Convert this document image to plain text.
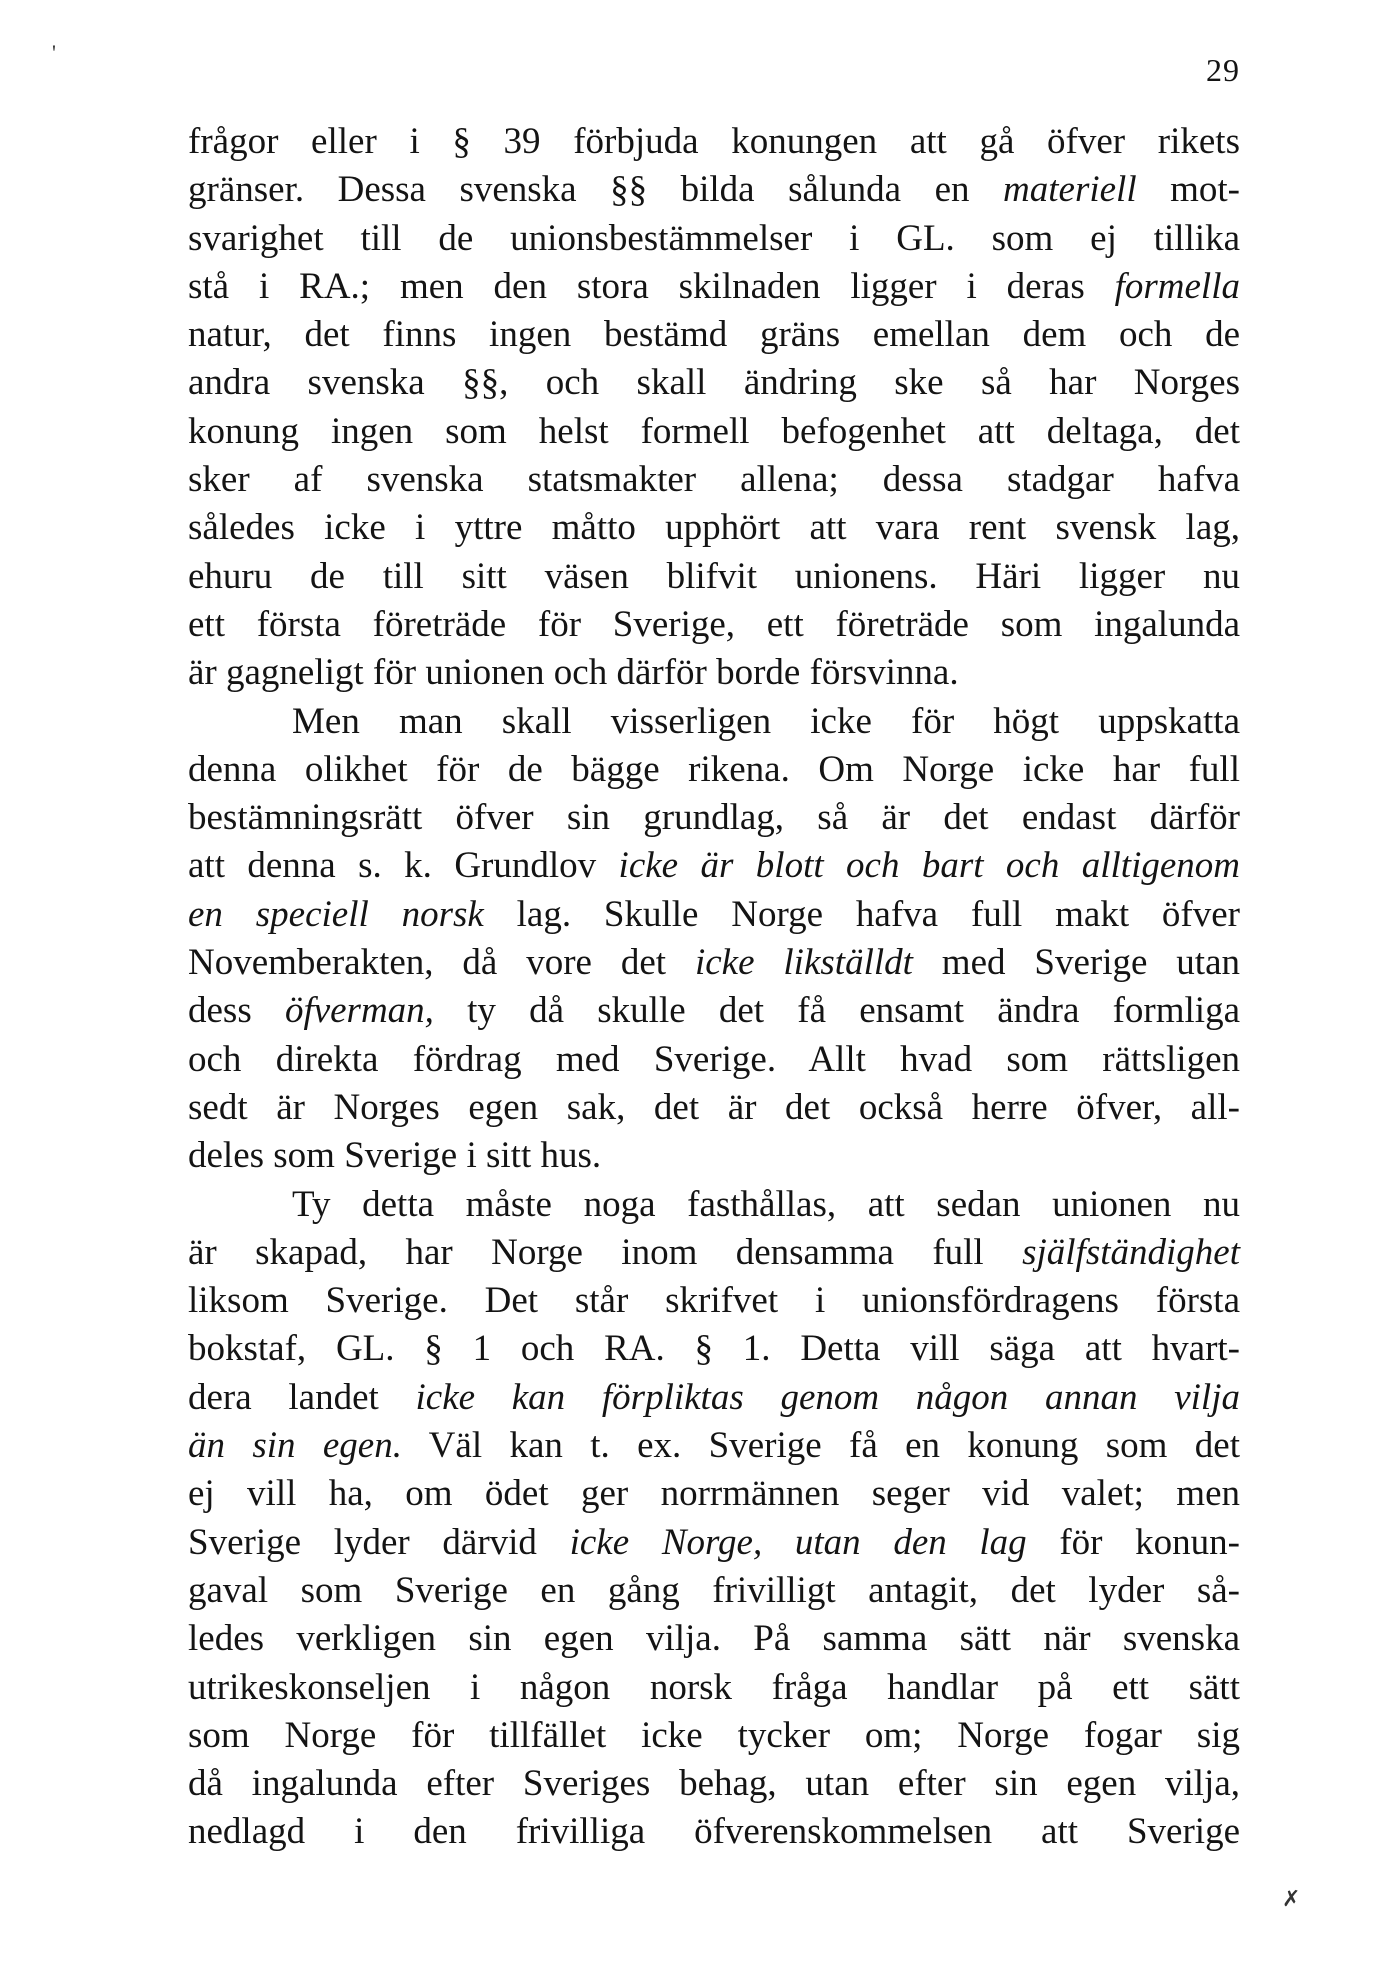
'	29
frågor eller i § 39 förbjuda konungen att gå öfver rikets
gränser. Dessa svenska §§ bilda sålunda en materiell mot-
svarighet till de unionsbestämmelser i GL. som ej tillika
stå i RA.; men den stora skilnaden ligger i deras formella
natur, det finns ingen bestämd gräns emellan dem och de
andra svenska §§, och skall ändring ske så har Norges
konung ingen som helst formell befogenhet att deltaga, det
sker af svenska statsmakter allena; dessa stadgar hafva
således icke i yttre måtto upphört att vara rent svensk lag,
ehuru de till sitt väsen blifvit unionens. Häri ligger nu
ett första företräde för Sverige, ett företräde som ingalunda
är gagneligt för unionen och därför borde försvinna.
Men man skall visserligen icke för högt uppskatta
denna olikhet för de bägge rikena. Om Norge icke har full
bestämningsrätt öfver sin grundlag, så är det endast därför
att denna s. k. Grundlov icke är blott och bart och alltigenom
en speciell norsk lag. Skulle Norge hafva full makt öfver
Novemberakten, då vore det icke likställdt med Sverige utan
dess öfverman, ty då skulle det få ensamt ändra formliga
och direkta fördrag med Sverige. Allt hvad som rättsligen
sedt är Norges egen sak, det är det också herre öfver, all-
deles som Sverige i sitt hus.
Ty detta måste noga fasthållas, att sedan unionen nu
är skapad, har Norge inom densamma full själfständighet
liksom Sverige. Det står skrifvet i unionsfördragens första
bokstaf, GL. § 1 och RA. § 1. Detta vill säga att hvart-
dera landet icke kan förpliktas genom någon annan vilja
än sin egen. Väl kan t. ex. Sverige få en konung som det
ej vill ha, om ödet ger norrmännen seger vid valet; men
Sverige lyder därvid icke Norge, utan den lag för konun-
gaval som Sverige en gång frivilligt antagit, det lyder så-
ledes verkligen sin egen vilja. På samma sätt när svenska
utrikeskonseljen i någon norsk fråga handlar på ett sätt
som Norge för tillfället icke tycker om; Norge fogar sig
då ingalunda efter Sveriges behag, utan efter sin egen vilja,
nedlagd i den frivilliga öfverenskommelsen att Sverige
✗
